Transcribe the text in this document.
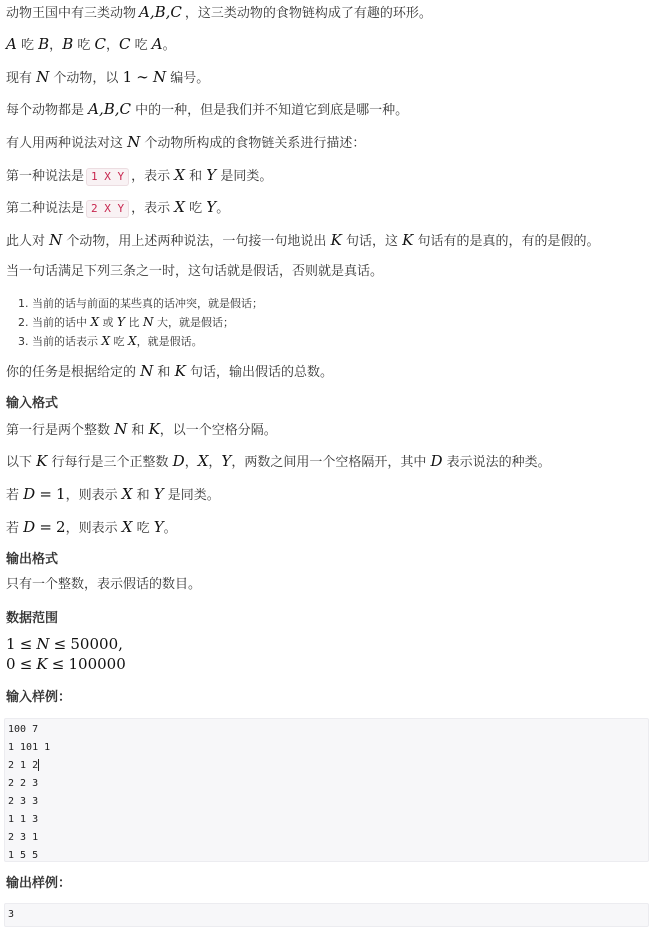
动物王国中有三类动物 A,B,C ，这三类动物的食物链构成了有趣的环形。
A 吃 B，B 吃 C，C 吃 A。
现有 N 个动物，以 1 ∼ N 编号。
每个动物都是 A,B,C 中的一种，但是我们并不知道它到底是哪一种。
有人用两种说法对这 N 个动物所构成的食物链关系进行描述：
第一种说法是 1 X Y ，表示 X 和 Y 是同类。
第二种说法是 2 X Y ，表示 X 吃 Y。
此人对 N 个动物，用上述两种说法，一句接一句地说出 K 句话，这 K 句话有的是真的，有的是假的。
当一句话满足下列三条之一时，这句话就是假话，否则就是真话。
1. 当前的话与前面的某些真的话冲突，就是假话；
2. 当前的话中 X 或 Y 比 N 大，就是假话；
3. 当前的话表示 X 吃 X，就是假话。
你的任务是根据给定的 N 和 K 句话，输出假话的总数。
输入格式
第一行是两个整数 N 和 K，以一个空格分隔。
以下 K 行每行是三个正整数 D，X，Y，两数之间用一个空格隔开，其中 D 表示说法的种类。
若 D = 1，则表示 X 和 Y 是同类。
若 D = 2，则表示 X 吃 Y。
输出格式
只有一个整数，表示假话的数目。
数据范围
1 ≤ N ≤ 50000,
0 ≤ K ≤ 100000
输入样例：
100 7
1 101 1
2 1 2
2 2 3
2 3 3
1 1 3
2 3 1
1 5 5
输出样例：
3
